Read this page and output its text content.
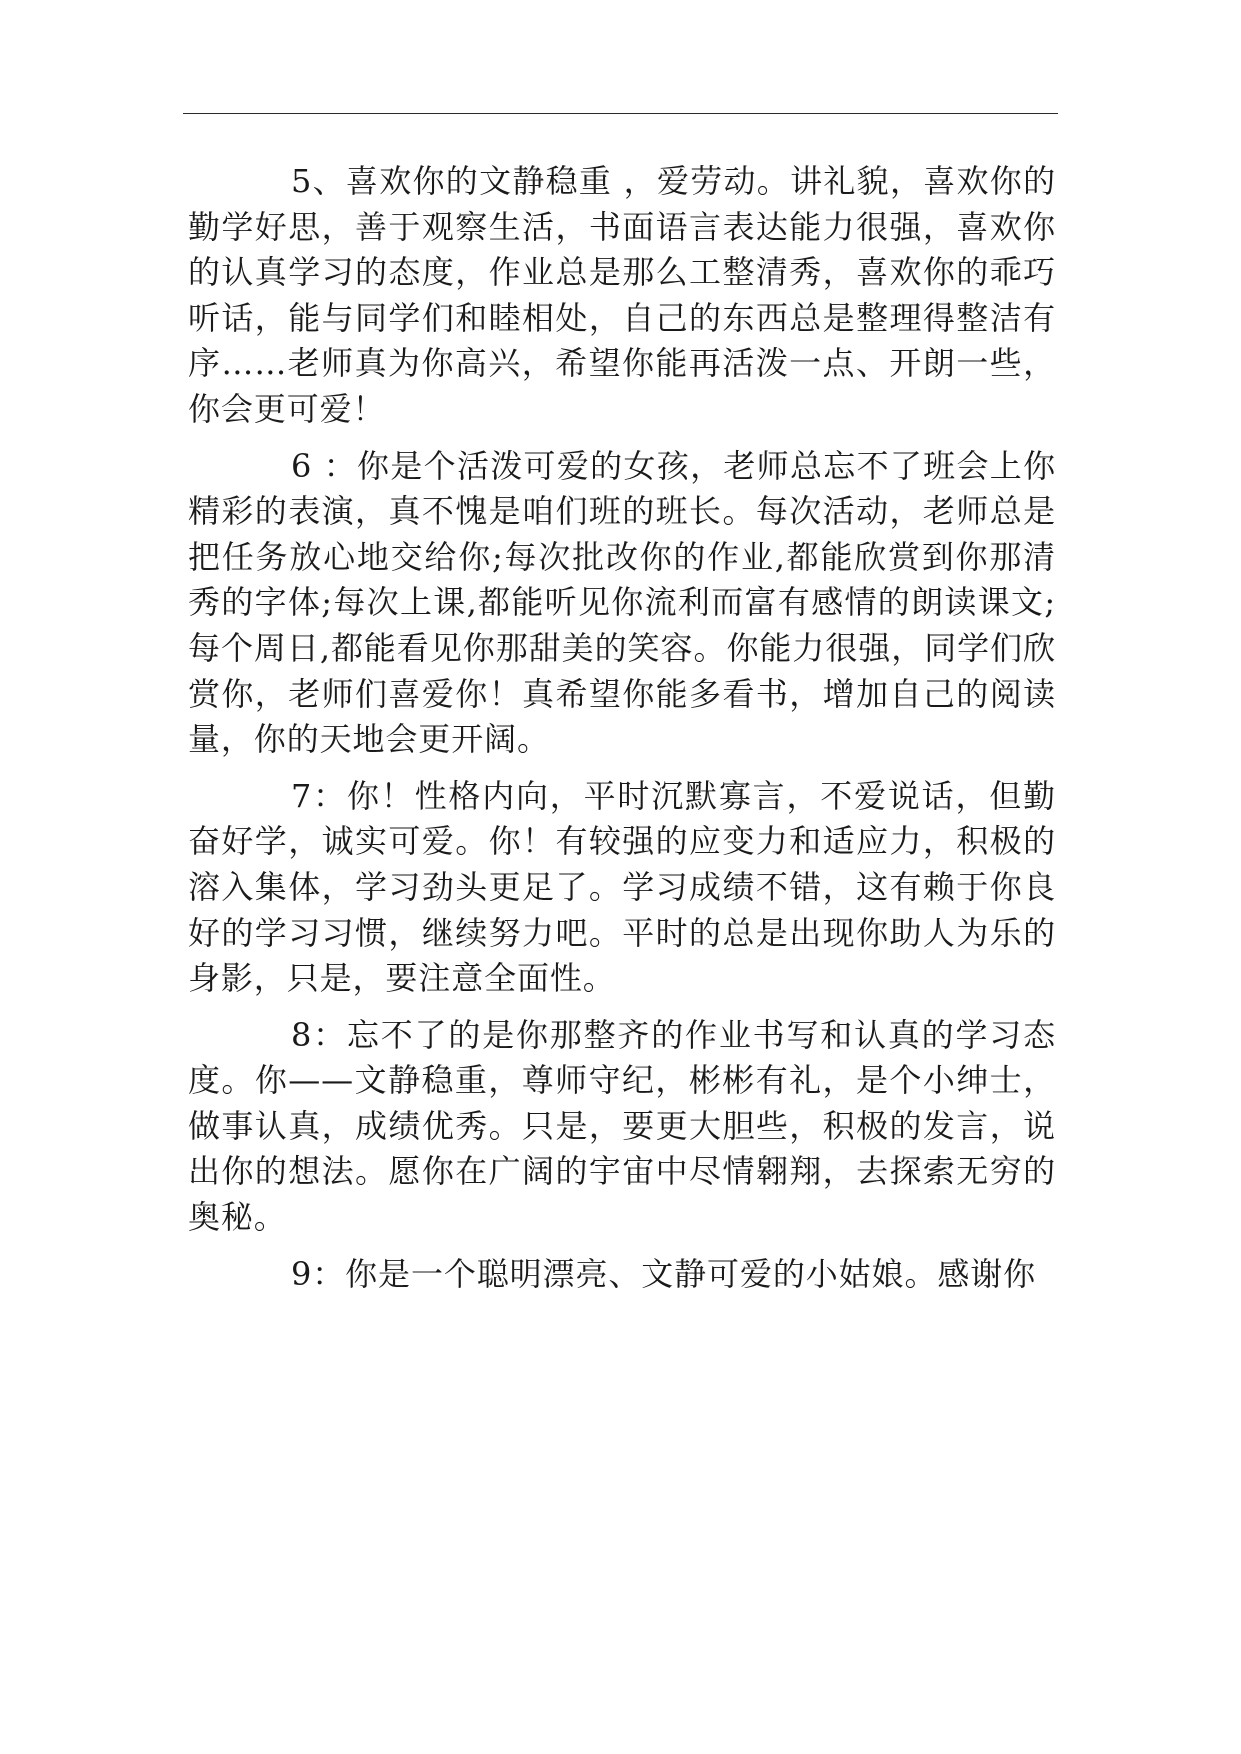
5、喜欢你的文静稳重 ，爱劳动。讲礼貌，喜欢你的勤学好思，善于观察生活，书面语言表达能力很强，喜欢你的认真学习的态度，作业总是那么工整清秀，喜欢你的乖巧听话，能与同学们和睦相处，自己的东西总是整理得整洁有序……老师真为你高兴，希望你能再活泼一点、开朗一些，你会更可爱！

6 ：你是个活泼可爱的女孩，老师总忘不了班会上你精彩的表演，真不愧是咱们班的班长。每次活动，老师总是把任务放心地交给你;每次批改你的作业,都能欣赏到你那清秀的字体;每次上课,都能听见你流利而富有感情的朗读课文;每个周日,都能看见你那甜美的笑容。你能力很强，同学们欣赏你，老师们喜爱你！真希望你能多看书，增加自己的阅读量，你的天地会更开阔。

7：你！性格内向，平时沉默寡言，不爱说话，但勤奋好学，诚实可爱。你！有较强的应变力和适应力，积极的溶入集体，学习劲头更足了。学习成绩不错，这有赖于你良好的学习习惯，继续努力吧。平时的总是出现你助人为乐的身影，只是，要注意全面性。

8：忘不了的是你那整齐的作业书写和认真的学习态度。你——文静稳重，尊师守纪，彬彬有礼，是个小绅士，做事认真，成绩优秀。只是，要更大胆些，积极的发言，说出你的想法。愿你在广阔的宇宙中尽情翱翔，去探索无穷的奥秘。

9：你是一个聪明漂亮、文静可爱的小姑娘。感谢你
